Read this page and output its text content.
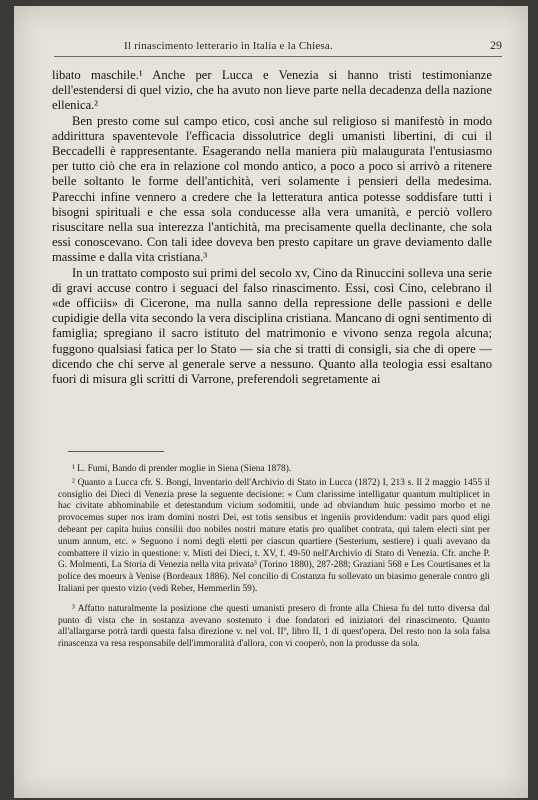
Il rinascimento letterario in Italia e la Chiesa.	29

libato maschile.¹ Anche per Lucca e Venezia si hanno tristi testimonianze dell'estendersi di quel vizio, che ha avuto non lieve parte nella decadenza della nazione ellenica.²

Ben presto come sul campo etico, così anche sul religioso si manifestò in modo addirittura spaventevole l'efficacia dissolutrice degli umanisti libertini, di cui il Beccadelli è rappresentante. Esagerando nella maniera più malaugurata l'entusiasmo per tutto ciò che era in relazione col mondo antico, a poco a poco si arrivò a ritenere belle soltanto le forme dell'antichità, veri solamente i pensieri della medesima. Parecchi infine vennero a credere che la letteratura antica potesse soddisfare tutti i bisogni spirituali e che essa sola conducesse alla vera umanità, e perciò vollero risuscitare nella sua interezza l'antichità, ma precisamente quella declinante, che sola essi conoscevano. Con tali idee doveva ben presto capitare un grave deviamento dalle massime e dalla vita cristiana.³

In un trattato composto sui primi del secolo xv, Cino da Rinuccini solleva una serie di gravi accuse contro i seguaci del falso rinascimento. Essi, così Cino, celebrano il «de officiis» di Cicerone, ma nulla sanno della repressione delle passioni e delle cupidigie della vita secondo la vera disciplina cristiana. Mancano di ogni sentimento di famiglia; spregiano il sacro istituto del matrimonio e vivono senza regola alcuna; fuggono qualsiasi fatica per lo Stato — sia che si tratti di consigli, sia che di opere — dicendo che chi serve al generale serve a nessuno. Quanto alla teologia essi esaltano fuori di misura gli scritti di Varrone, preferendoli segretamente ai

¹ L. Fumi, Bando di prender moglie in Siena (Siena 1878).

² Quanto a Lucca cfr. S. Bongi, Inventario dell'Archivio di Stato in Lucca (1872) I, 213 s. Il 2 maggio 1455 il consiglio dei Dieci di Venezia prese la seguente decisione: « Cum clarissime intelligatur quantum multiplicet in hac civitate abhominabile et detestandum vicium sodomitii, unde ad obviandum huic pessimo morbo et ne provocemus super nos iram domini nostri Dei, est totis sensibus et ingeniis providendum: vadit pars quod eligi debeant per capita huius consilii duo nobiles nostri mature etatis pro qualibet contrata, qui talem electi sint per unum annum, etc. » Seguono i nomi degli eletti per ciascun quartiere (Sesterium, sestiere) i quali avevano da combattere il vizio in questione: v. Misti dei Dieci, t. XV, f. 49-50 nell'Archivio di Stato di Venezia. Cfr. anche P. G. Molmenti, La Storia di Venezia nella vita privata³ (Torino 1880), 287-288; Graziani 568 e Les Courtisanes et la police des moeurs à Venise (Bordeaux 1886). Nel concilio di Costanza fu sollevato un biasimo generale contro gli Italiani per questo vizio (vedi Reber, Hemmerlin 59).

³ Affatto naturalmente la posizione che questi umanisti presero di fronte alla Chiesa fu del tutto diversa dal punto di vista che in sostanza avevano sostenuto i due fondatori ed iniziatori del rinascimento. Quanto all'allargarse potrà tardi questa falsa direzione v. nel vol. IIº, libro II, 1 di quest'opera. Del resto non la sola falsa rinascenza va resa responsabile dell'immoralità d'allora, con vi cooperò, non la produsse da sola.
